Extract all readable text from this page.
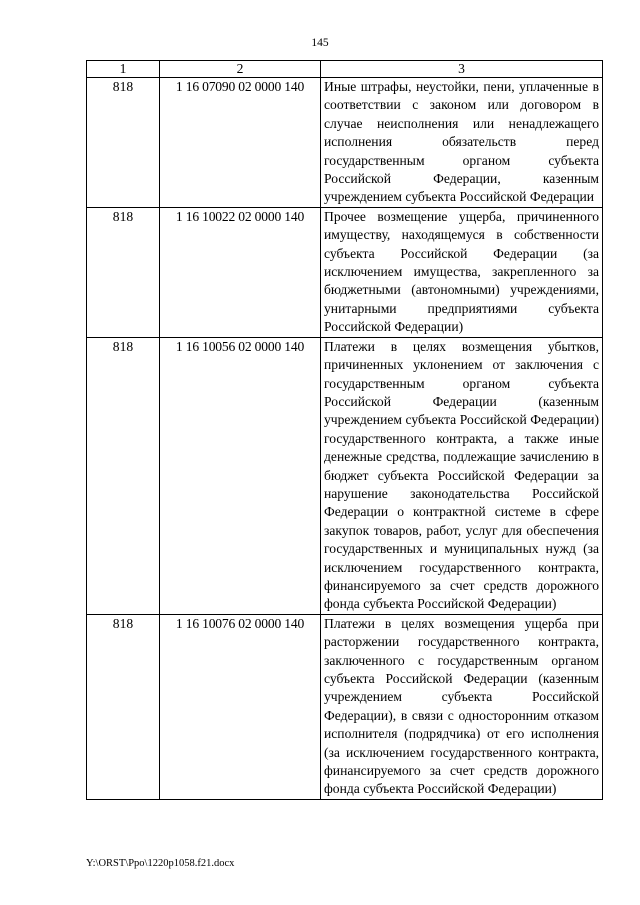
145
1	2	3
818	1 16 07090 02 0000 140	Иные штрафы, неустойки, пени, уплаченные в соответствии с законом или договором в случае неисполнения или ненадлежащего исполнения обязательств перед государственным органом субъекта Российской Федерации, казенным учреждением субъекта Российской Федерации
818	1 16 10022 02 0000 140	Прочее возмещение ущерба, причиненного имуществу, находящемуся в собственности субъекта Российской Федерации (за исключением имущества, закрепленного за бюджетными (автономными) учреждениями, унитарными предприятиями субъекта Российской Федерации)
818	1 16 10056 02 0000 140	Платежи в целях возмещения убытков, причиненных уклонением от заключения с государственным органом субъекта Российской Федерации (казенным учреждением субъекта Российской Федерации) государственного контракта, а также иные денежные средства, подлежащие зачислению в бюджет субъекта Российской Федерации за нарушение законодательства Российской Федерации о контрактной системе в сфере закупок товаров, работ, услуг для обеспечения государственных и муниципальных нужд (за исключением государственного контракта, финансируемого за счет средств дорожного фонда субъекта Российской Федерации)
818	1 16 10076 02 0000 140	Платежи в целях возмещения ущерба при расторжении государственного контракта, заключенного с государственным органом субъекта Российской Федерации (казенным учреждением субъекта Российской Федерации), в связи с односторонним отказом исполнителя (подрядчика) от его исполнения (за исключением государственного контракта, финансируемого за счет средств дорожного фонда субъекта Российской Федерации)
Y:\ORST\Ppo\1220p1058.f21.docx
